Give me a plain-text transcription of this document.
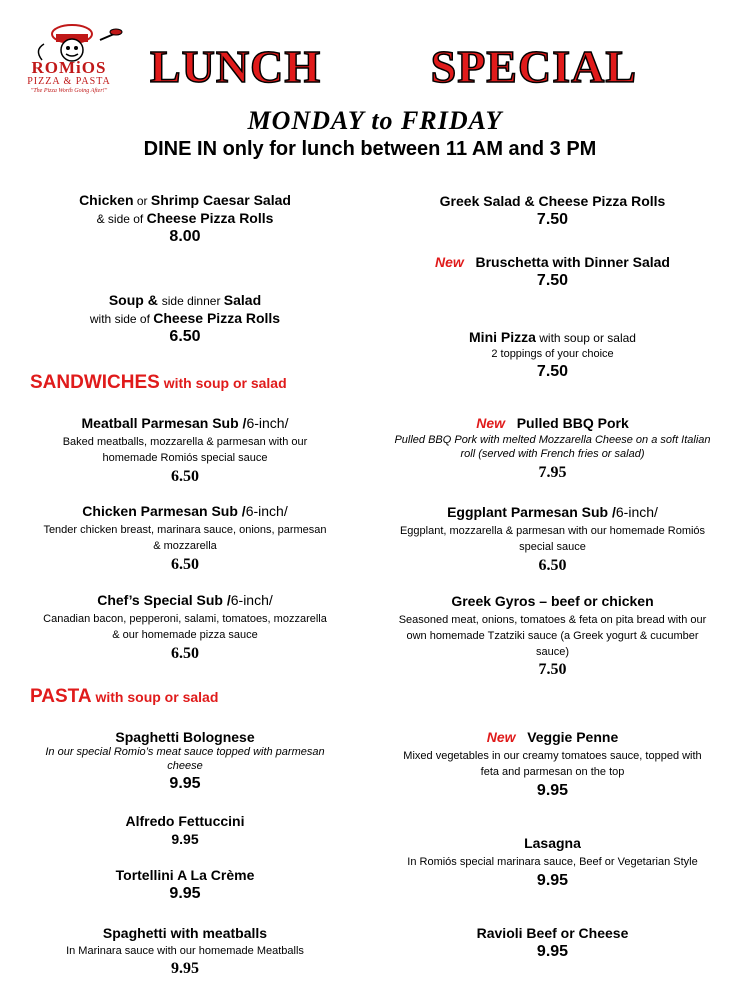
ROMiOS
PIZZA & PASTA
"The Pizza Worth Going After!" LUNCH   SPECIAL
MONDAY to FRIDAY
DINE IN only for lunch between 11 AM and 3 PM
Chicken or Shrimp Caesar Salad
& side of Cheese Pizza Rolls
8.00
Soup & side dinner Salad
with side of Cheese Pizza Rolls
6.50
SANDWICHES with soup or salad
Meatball Parmesan Sub /6-inch/
Baked meatballs, mozzarella & parmesan with our
homemade Romiós special sauce
6.50
Chicken Parmesan Sub /6-inch/
Tender chicken breast, marinara sauce, onions, parmesan
& mozzarella
6.50
Chef’s Special Sub /6-inch/
Canadian bacon, pepperoni, salami, tomatoes, mozzarella
& our homemade pizza sauce
6.50
PASTA with soup or salad
Spaghetti Bolognese
In our special Romio’s meat sauce topped with parmesan
cheese
9.95
Alfredo Fettuccini
9.95
Tortellini A La Crème
9.95
Spaghetti with meatballs
In Marinara sauce with our homemade Meatballs
9.95
Greek Salad & Cheese Pizza Rolls
7.50
New Bruschetta with Dinner Salad
7.50
Mini Pizza with soup or salad
2 toppings of your choice
7.50
New Pulled BBQ Pork
Pulled BBQ Pork with melted Mozzarella Cheese on a soft Italian
roll (served with French fries or salad)
7.95
Eggplant Parmesan Sub /6-inch/
Eggplant, mozzarella & parmesan with our homemade Romiós
special sauce
6.50
Greek Gyros – beef or chicken
Seasoned meat, onions, tomatoes & feta on pita bread with our
own homemade Tzatziki sauce (a Greek yogurt & cucumber
sauce)
7.50
New Veggie Penne
Mixed vegetables in our creamy tomatoes sauce, topped with
feta and parmesan on the top
9.95
Lasagna
In Romiós special marinara sauce, Beef or Vegetarian Style
9.95
Ravioli Beef or Cheese
9.95
